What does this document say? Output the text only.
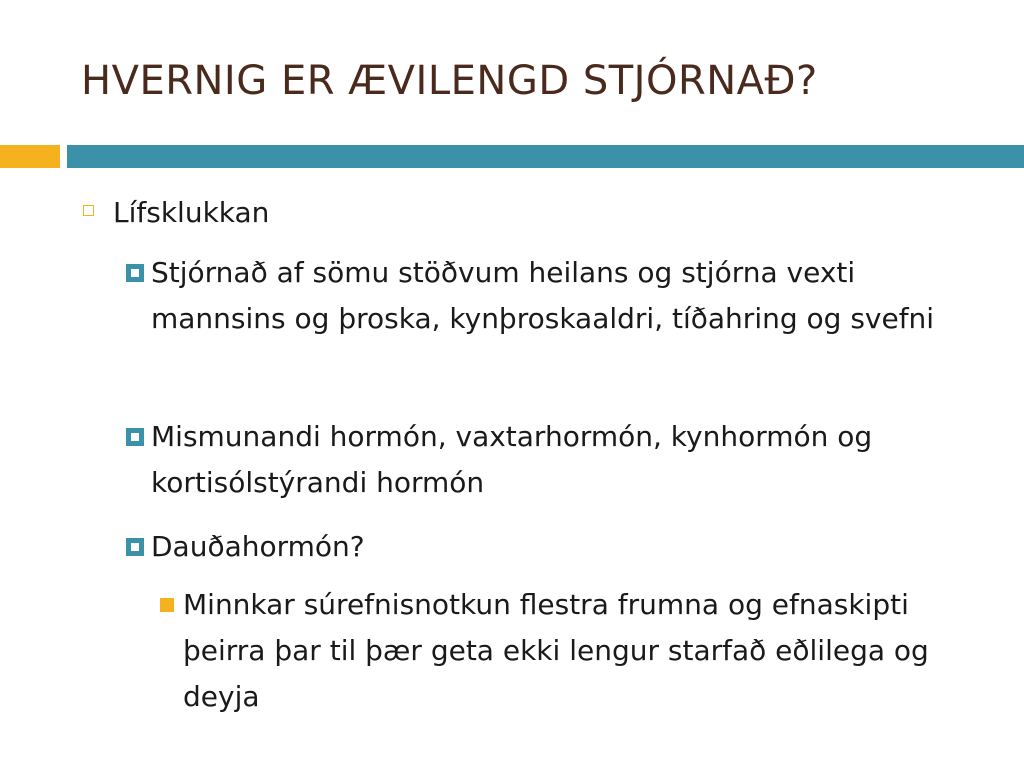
HVERNIG ER ÆVILENGD STJÓRNAÐ?

Lífsklukkan

Stjórnað af sömu stöðvum heilans og stjórna vexti mannsins og þroska, kynþroskaaldri, tíðahring og svefni

Mismunandi hormón, vaxtarhormón, kynhormón og kortisólstýrandi hormón

Dauðahormón?

Minnkar súrefnisnotkun flestra frumna og efnaskipti þeirra þar til þær geta ekki lengur starfað eðlilega og deyja
